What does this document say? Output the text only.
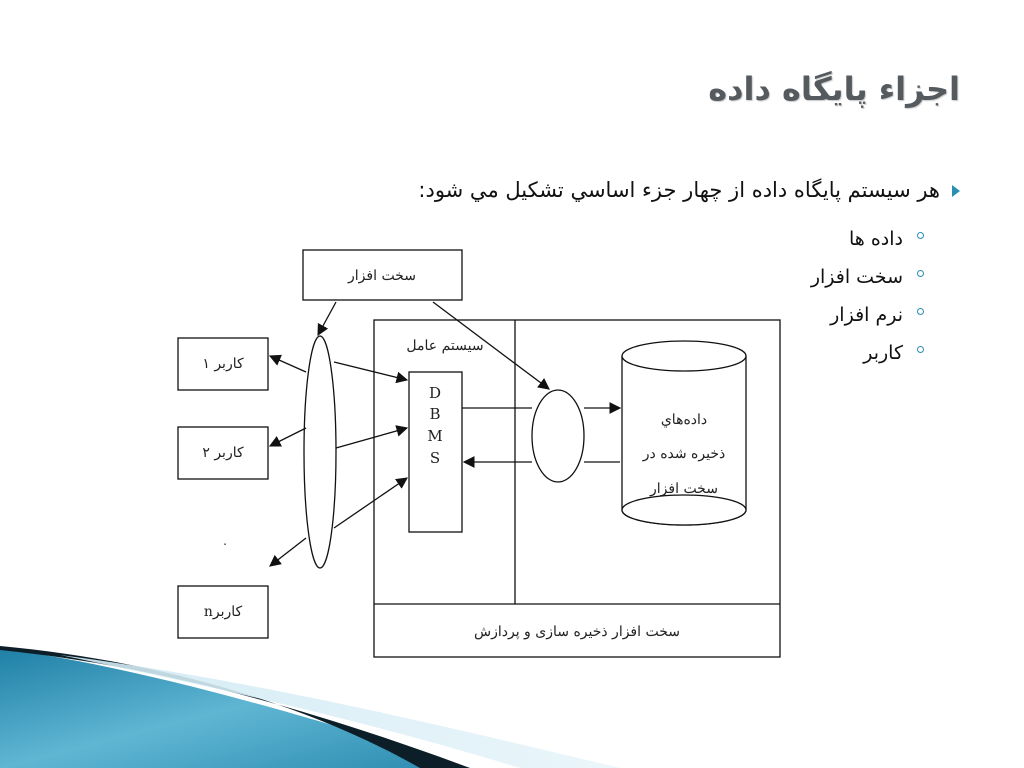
اجزاء پايگاه داده
هر سيستم پايگاه داده از چهار جزء اساسي تشكيل مي شود:
داده ها
سخت افزار
نرم افزار
كاربر
سخت افزار
سيستم عامل
كاربر ١
كاربر ٢
كاربرn
داده‌هاي
ذخيره شده در
سخت افزار
سخت افزار ذخيره سازی و پردازش
D
B
M
S
.
